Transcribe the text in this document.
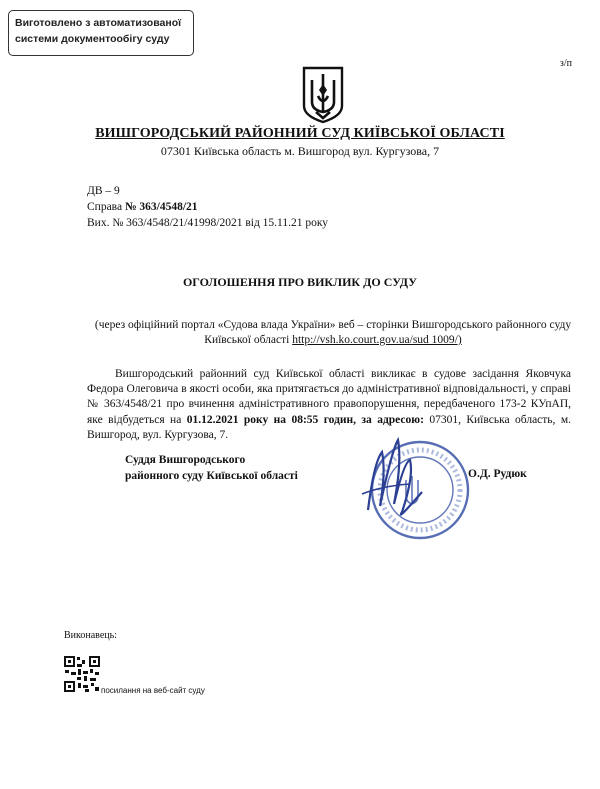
Виготовлено з автоматизованої
системи документообігу суду
з/п
ВИШГОРОДСЬКИЙ РАЙОННИЙ СУД КИЇВСЬКОЇ ОБЛАСТІ
07301 Київська область м. Вишгород вул. Кургузова, 7
ДВ – 9
Справа № 363/4548/21
Вих. № 363/4548/21/41998/2021 від 15.11.21 року
ОГОЛОШЕННЯ ПРО ВИКЛИК ДО СУДУ
(через офіційний портал «Судова влада України» веб – сторінки Вишгородського районного суду Київської області http://vsh.ko.court.gov.ua/sud 1009/)
Вишгородський районний суд Київської області викликає в судове засідання Яковчука Федора Олеговича в якості особи, яка притягається до адміністративної відповідальності, у справі № 363/4548/21 про вчинення адміністративного правопорушення, передбаченого 173-2 КУпАП, яке відбудеться на 01.12.2021 року на 08:55 годин, за адресою: 07301, Київська область, м. Вишгород, вул. Кургузова, 7.
Суддя Вишгородського
районного суду Київської області	О.Д. Рудюк
Виконавець:
посилання на веб-сайт суду
